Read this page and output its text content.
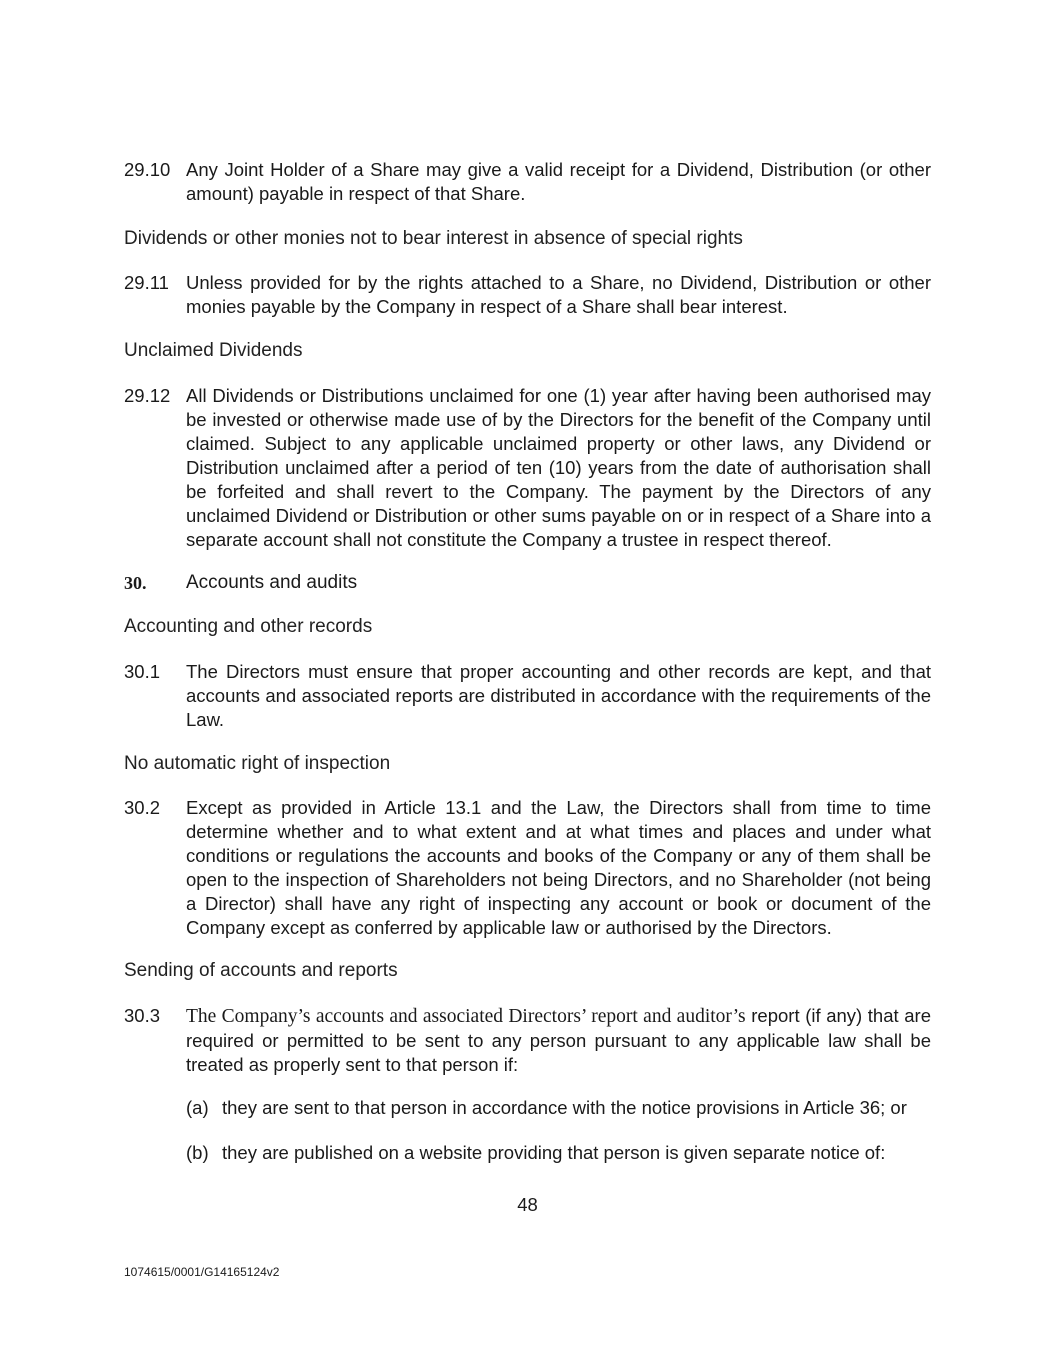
29.10 Any Joint Holder of a Share may give a valid receipt for a Dividend, Distribution (or other amount) payable in respect of that Share.
Dividends or other monies not to bear interest in absence of special rights
29.11 Unless provided for by the rights attached to a Share, no Dividend, Distribution or other monies payable by the Company in respect of a Share shall bear interest.
Unclaimed Dividends
29.12 All Dividends or Distributions unclaimed for one (1) year after having been authorised may be invested or otherwise made use of by the Directors for the benefit of the Company until claimed. Subject to any applicable unclaimed property or other laws, any Dividend or Distribution unclaimed after a period of ten (10) years from the date of authorisation shall be forfeited and shall revert to the Company. The payment by the Directors of any unclaimed Dividend or Distribution or other sums payable on or in respect of a Share into a separate account shall not constitute the Company a trustee in respect thereof.
30. Accounts and audits
Accounting and other records
30.1 The Directors must ensure that proper accounting and other records are kept, and that accounts and associated reports are distributed in accordance with the requirements of the Law.
No automatic right of inspection
30.2 Except as provided in Article 13.1 and the Law, the Directors shall from time to time determine whether and to what extent and at what times and places and under what conditions or regulations the accounts and books of the Company or any of them shall be open to the inspection of Shareholders not being Directors, and no Shareholder (not being a Director) shall have any right of inspecting any account or book or document of the Company except as conferred by applicable law or authorised by the Directors.
Sending of accounts and reports
30.3 The Company’s accounts and associated Directors’ report and auditor’s report (if any) that are required or permitted to be sent to any person pursuant to any applicable law shall be treated as properly sent to that person if:
(a) they are sent to that person in accordance with the notice provisions in Article 36; or
(b) they are published on a website providing that person is given separate notice of:
48
1074615/0001/G14165124v2
